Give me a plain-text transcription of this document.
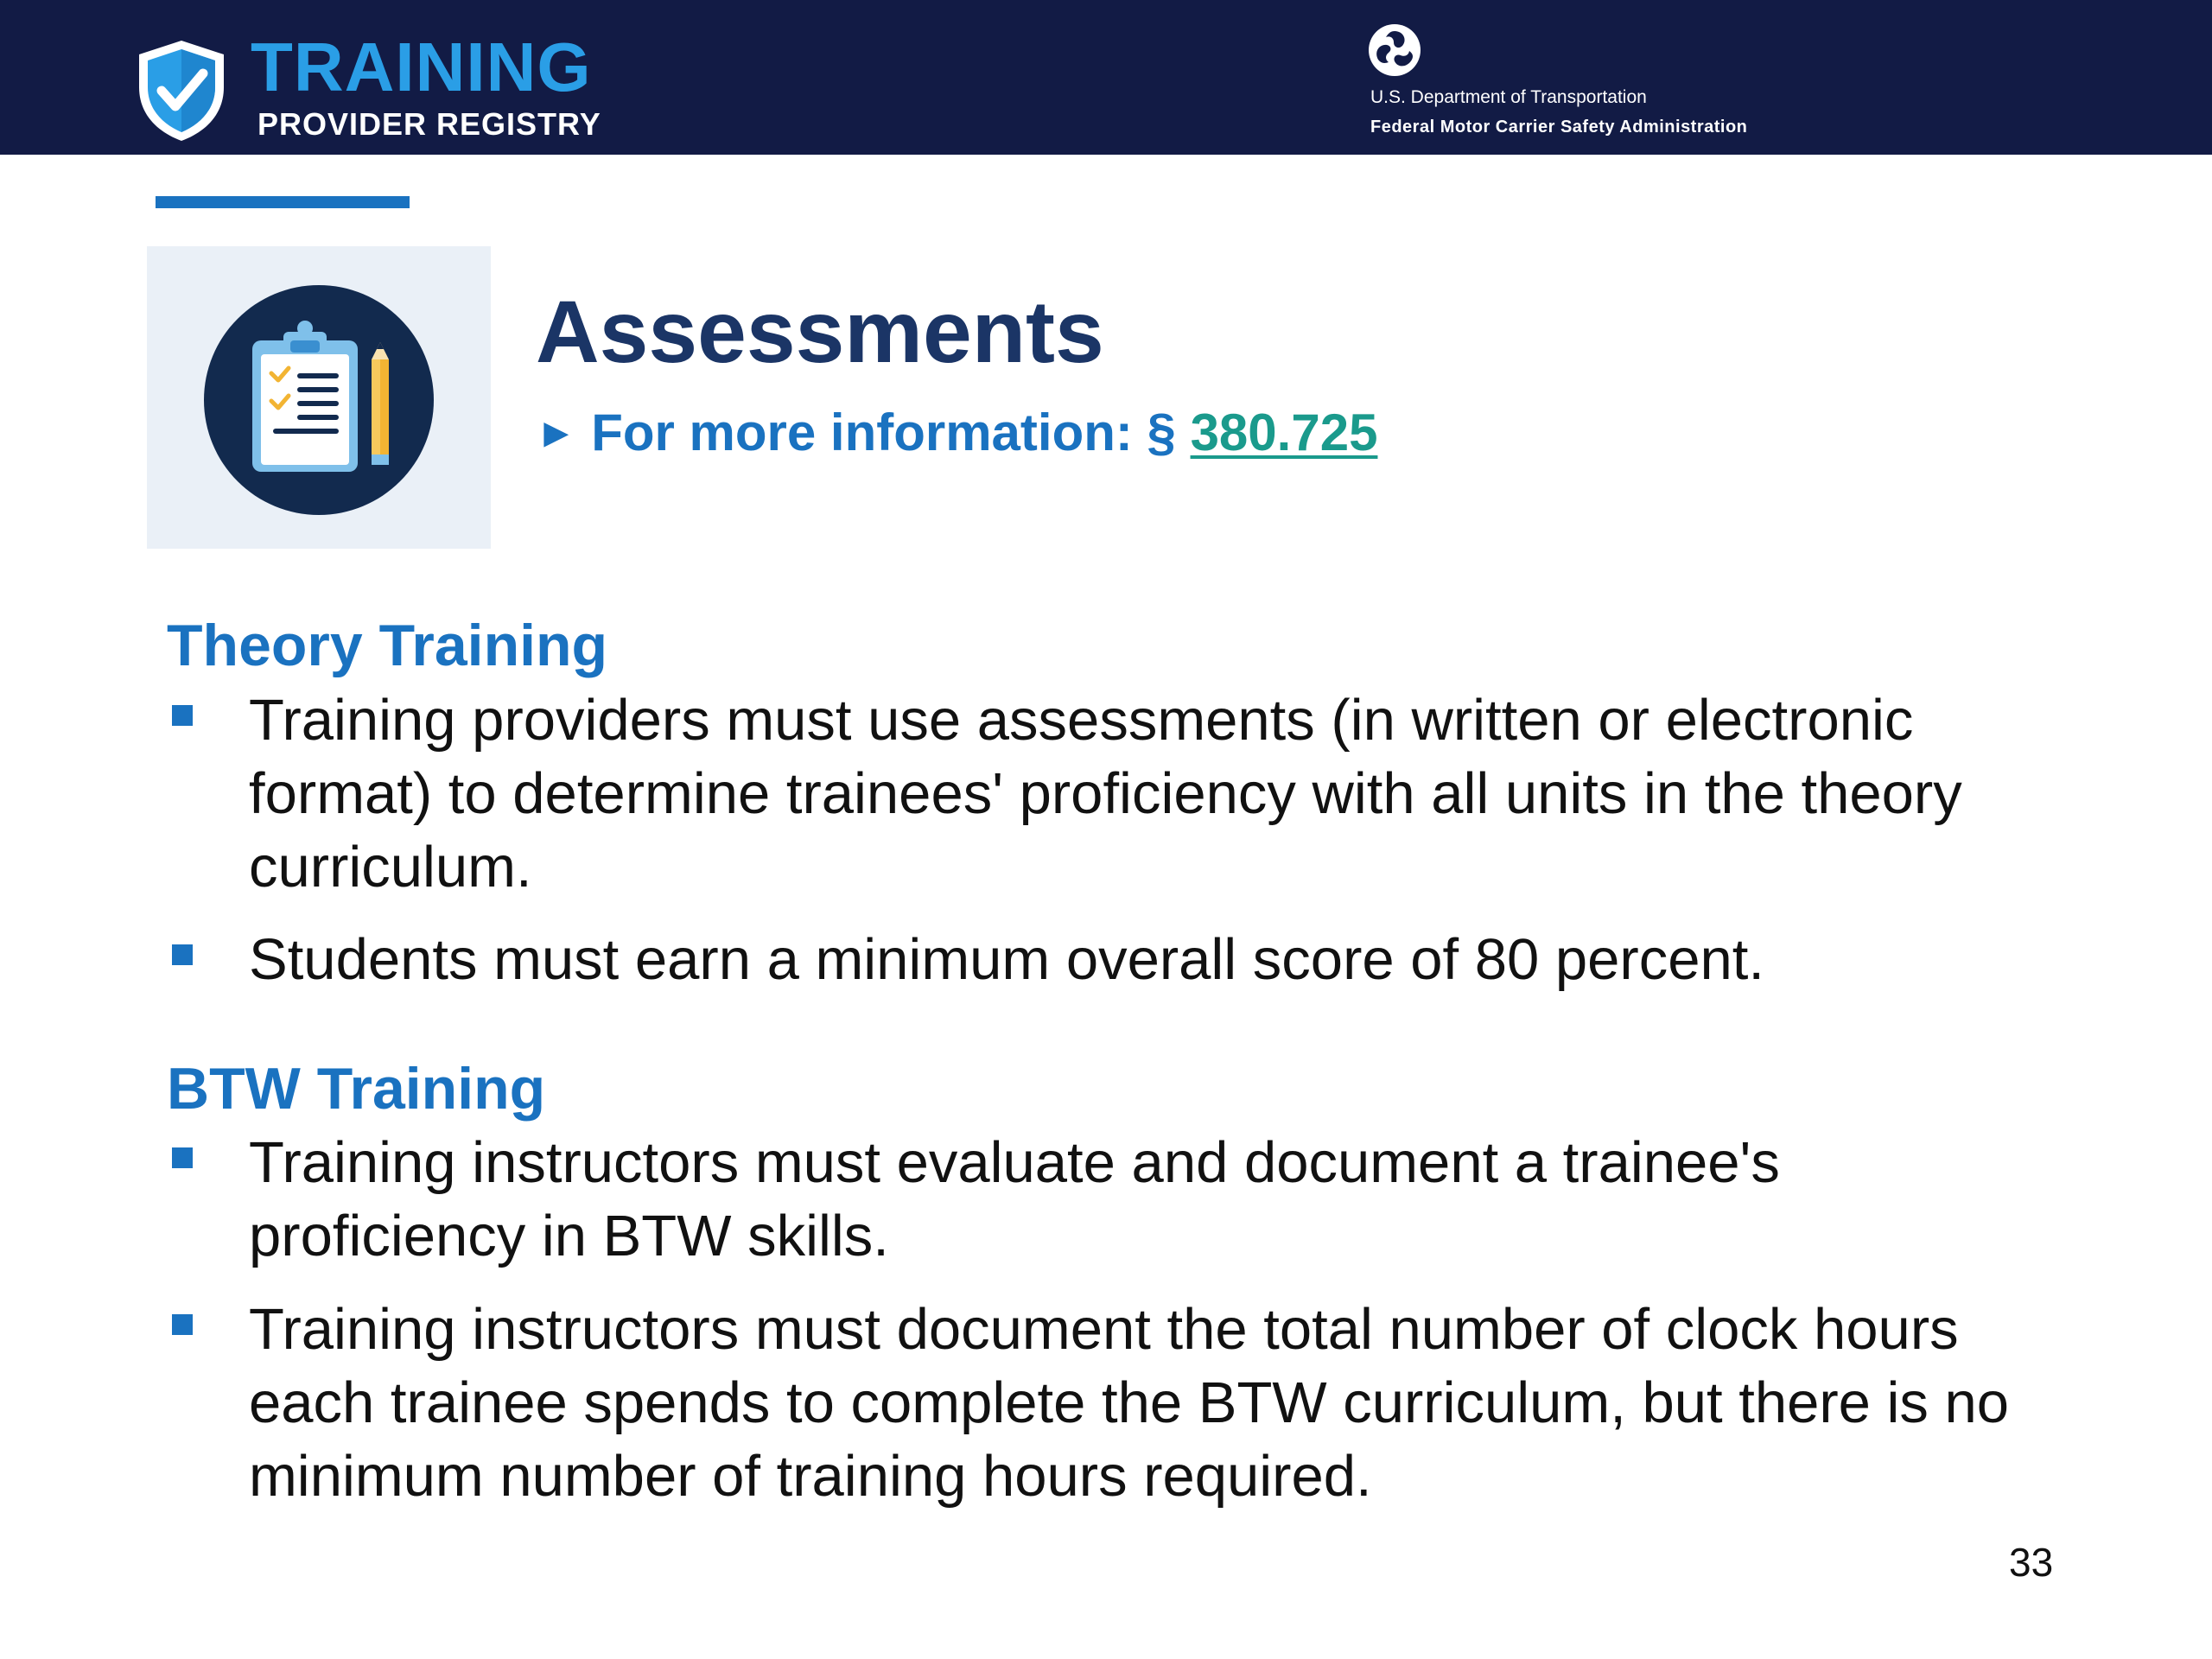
TRAINING
PROVIDER REGISTRY
U.S. Department of Transportation
Federal Motor Carrier Safety Administration
Assessments
► For more information: § 380.725
Theory Training
Training providers must use assessments (in written or electronic format) to determine trainees' proficiency with all units in the theory curriculum.
Students must earn a minimum overall score of 80 percent.
BTW Training
Training instructors must evaluate and document a trainee's proficiency in BTW skills.
Training instructors must document the total number of clock hours each trainee spends to complete the BTW curriculum, but there is no minimum number of training hours required.
33
